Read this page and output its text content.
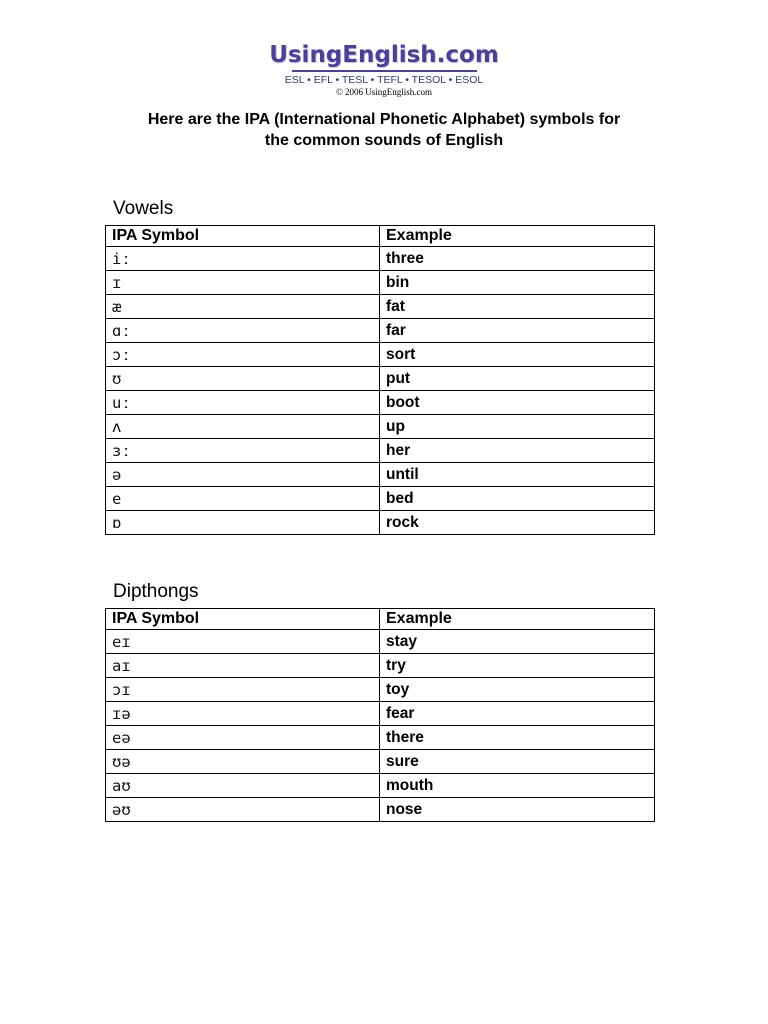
UsingEnglish.com
ESL • EFL • TESL • TEFL • TESOL • ESOL
© 2006 UsingEnglish.com
Here are the IPA (International Phonetic Alphabet) symbols for
the common sounds of English
Vowels
IPA Symbol	Example
iː	three
ɪ	bin
æ	fat
ɑː	far
ɔː	sort
ʊ	put
uː	boot
ʌ	up
ɜː	her
ə	until
e	bed
ɒ	rock
Dipthongs
IPA Symbol	Example
eɪ	stay
aɪ	try
ɔɪ	toy
ɪə	fear
eə	there
ʊə	sure
aʊ	mouth
əʊ	nose
